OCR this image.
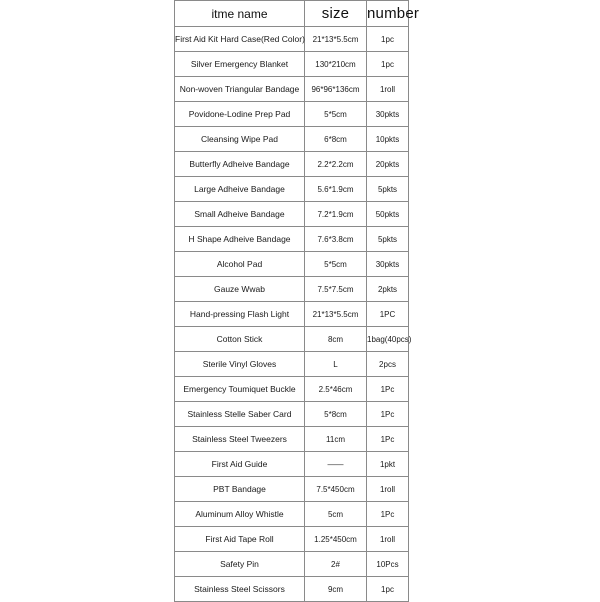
itme name	size	number
First Aid Kit Hard Case(Red Color)	21*13*5.5cm	1pc
Silver Emergency Blanket	130*210cm	1pc
Non-woven Triangular Bandage	96*96*136cm	1roll
Povidone-Lodine Prep Pad	5*5cm	30pkts
Cleansing Wipe Pad	6*8cm	10pkts
Butterfly Adheive Bandage	2.2*2.2cm	20pkts
Large Adheive Bandage	5.6*1.9cm	5pkts
Small Adheive Bandage	7.2*1.9cm	50pkts
H Shape Adheive Bandage	7.6*3.8cm	5pkts
Alcohol Pad	5*5cm	30pkts
Gauze Wwab	7.5*7.5cm	2pkts
Hand-pressing Flash Light	21*13*5.5cm	1PC
Cotton Stick	8cm	1bag(40pcs)
Sterile Vinyl Gloves	L	2pcs
Emergency Toumiquet Buckle	2.5*46cm	1Pc
Stainless Stelle Saber Card	5*8cm	1Pc
Stainless Steel Tweezers	11cm	1Pc
First Aid Guide	——	1pkt
PBT Bandage	7.5*450cm	1roll
Aluminum Alloy Whistle	5cm	1Pc
First Aid Tape Roll	1.25*450cm	1roll
Safety Pin	2#	10Pcs
Stainless Steel Scissors	9cm	1pc
